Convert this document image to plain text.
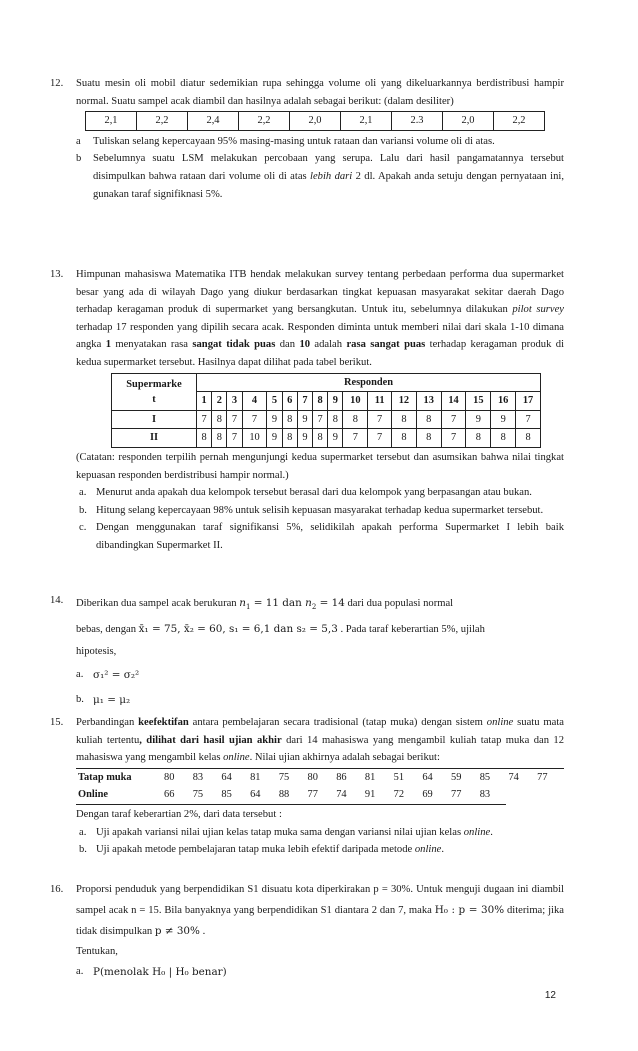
12. Suatu mesin oli mobil diatur sedemikian rupa sehingga volume oli yang dikeluarkannya berdistribusi hampir normal. Suatu sampel acak diambil dan hasilnya adalah sebagai berikut: (dalam desiliter)

2,1	2,2	2,4	2,2	2,0	2,1	2.3	2,0	2,2

a Tuliskan selang kepercayaan 95% masing-masing untuk rataan dan variansi volume oli di atas.

b Sebelumnya suatu LSM melakukan percobaan yang serupa. Lalu dari hasil pangamatannya tersebut disimpulkan bahwa rataan dari volume oli di atas lebih dari 2 dl. Apakah anda setuju dengan pernyataan ini, gunakan taraf signifiknasi 5%.

13. Himpunan mahasiswa Matematika ITB hendak melakukan survey tentang perbedaan performa dua supermarket besar yang ada di wilayah Dago yang diukur berdasarkan tingkat kepuasan masyarakat sekitar daerah Dago terhadap keragaman produk di supermarket yang bersangkutan. Untuk itu, sebelumnya dilakukan pilot survey terhadap 17 responden yang dipilih secara acak. Responden diminta untuk memberi nilai dari skala 1-10 dimana angka 1 menyatakan rasa sangat tidak puas dan 10 adalah rasa sangat puas terhadap keragaman produk di kedua supermarket tersebut. Hasilnya dapat dilihat pada tabel berikut.

Supermarke
t	Responden																
	1	2	3	4	5	6	7	8	9	10	11	12	13	14	15	16	17
I	7	8	7	7	9	8	9	7	8	8	7	8	8	7	9	9	7
II	8	8	7	10	9	8	9	8	9	7	7	8	8	7	8	8	8

(Catatan: responden terpilih pernah mengunjungi kedua supermarket tersebut dan asumsikan bahwa nilai tingkat kepuasan responden berdistribusi hampir normal.)

a. Menurut anda apakah dua kelompok tersebut berasal dari dua kelompok yang berpasangan atau bukan.

b. Hitung selang kepercayaan 98% untuk selisih kepuasan masyarakat terhadap kedua supermarket tersebut.

c. Dengan menggunakan taraf signifikansi 5%, selidikilah apakah performa Supermarket I lebih baik dibandingkan Supermarket II.

14. Diberikan dua sampel acak berukuran $n_1 = 11$ dan $n_2 = 14$ dari dua populasi normal

bebas, dengan x̄₁ = 75, x̄₂ = 60, s₁ = 6,1 dan s₂ = 5,3 . Pada taraf keberartian 5%, ujilah

hipotesis,

a. σ₁² = σ₂²

b. μ₁ = μ₂

15. Perbandingan keefektifan antara pembelajaran secara tradisional (tatap muka) dengan sistem online suatu mata kuliah tertentu, dilihat dari hasil ujian akhir dari 14 mahasiswa yang mengambil kuliah tatap muka dan 12 mahasiswa yang mengambil kelas online. Nilai ujian akhirnya adalah sebagai berikut:

Tatap muka	80	83	64	81	75	80	86	81	51	64	59	85	74	77
Online	66	75	85	64	88	77	74	91	72	69	77	83		

Dengan taraf keberartian 2%, dari data tersebut :

a. Uji apakah variansi nilai ujian kelas tatap muka sama dengan variansi nilai ujian kelas online.

b. Uji apakah metode pembelajaran tatap muka lebih efektif daripada metode online.

16. Proporsi penduduk yang berpendidikan S1 disuatu kota diperkirakan p = 30%. Untuk menguji dugaan ini diambil sampel acak n = 15. Bila banyaknya yang berpendidikan S1 diantara 2 dan 7, maka H₀ : p = 30% diterima; jika tidak disimpulkan p ≠ 30% .

Tentukan,

a. P(menolak H₀ | H₀ benar)

12
